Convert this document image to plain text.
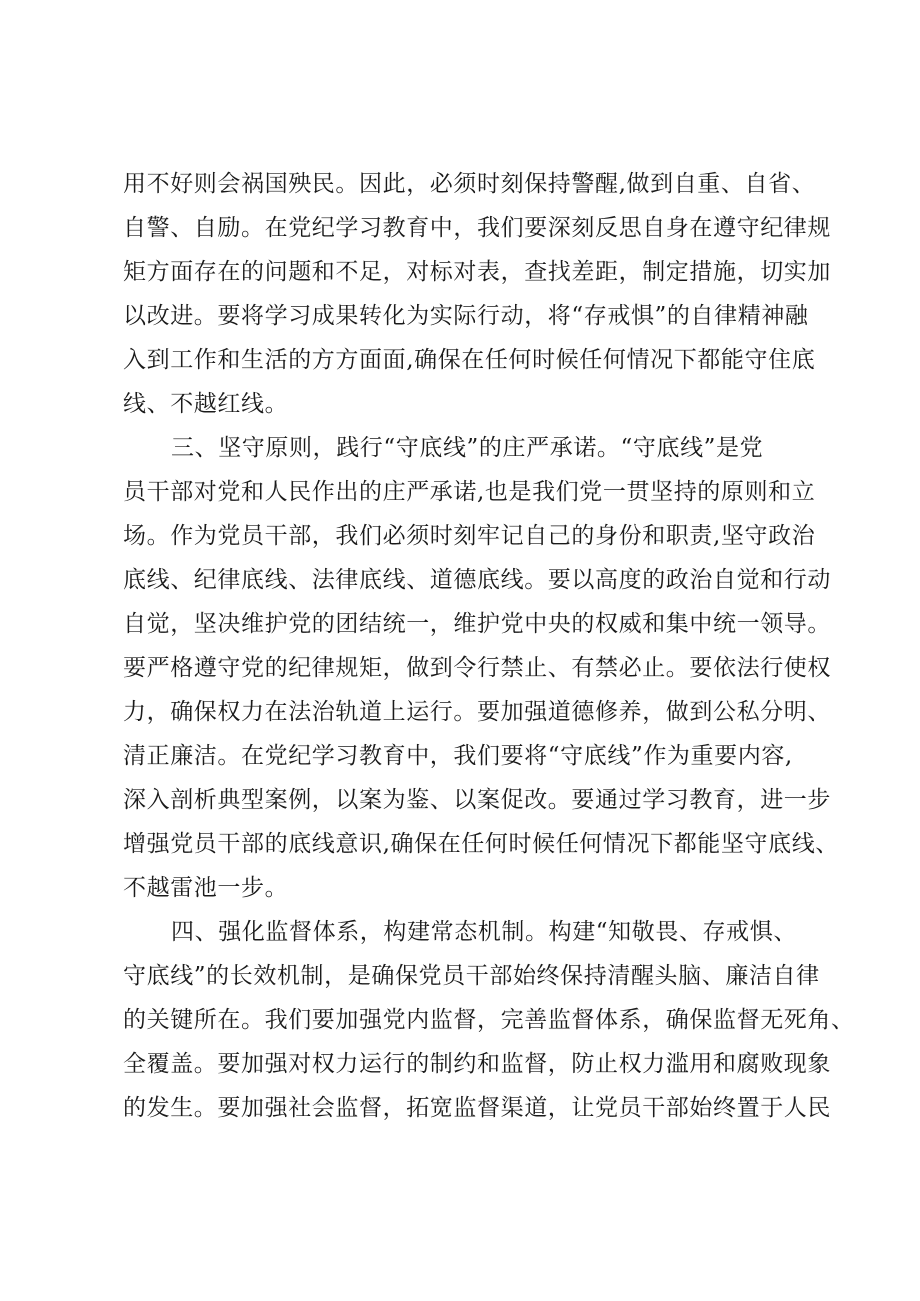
用不好则会祸国殃民。因此，必须时刻保持警醒,做到自重、自省、
自警、自励。在党纪学习教育中，我们要深刻反思自身在遵守纪律规
矩方面存在的问题和不足，对标对表，查找差距，制定措施，切实加
以改进。要将学习成果转化为实际行动，将“存戒惧”的自律精神融
入到工作和生活的方方面面,确保在任何时候任何情况下都能守住底
线、不越红线。
三、坚守原则，践行“守底线”的庄严承诺。“守底线”是党
员干部对党和人民作出的庄严承诺,也是我们党一贯坚持的原则和立
场。作为党员干部，我们必须时刻牢记自己的身份和职责,坚守政治
底线、纪律底线、法律底线、道德底线。要以高度的政治自觉和行动
自觉，坚决维护党的团结统一，维护党中央的权威和集中统一领导。
要严格遵守党的纪律规矩，做到令行禁止、有禁必止。要依法行使权
力，确保权力在法治轨道上运行。要加强道德修养，做到公私分明、
清正廉洁。在党纪学习教育中，我们要将“守底线”作为重要内容,
深入剖析典型案例，以案为鉴、以案促改。要通过学习教育，进一步
增强党员干部的底线意识,确保在任何时候任何情况下都能坚守底线、
不越雷池一步。
四、强化监督体系，构建常态机制。构建“知敬畏、存戒惧、
守底线”的长效机制，是确保党员干部始终保持清醒头脑、廉洁自律
的关键所在。我们要加强党内监督，完善监督体系，确保监督无死角、
全覆盖。要加强对权力运行的制约和监督，防止权力滥用和腐败现象
的发生。要加强社会监督，拓宽监督渠道，让党员干部始终置于人民
